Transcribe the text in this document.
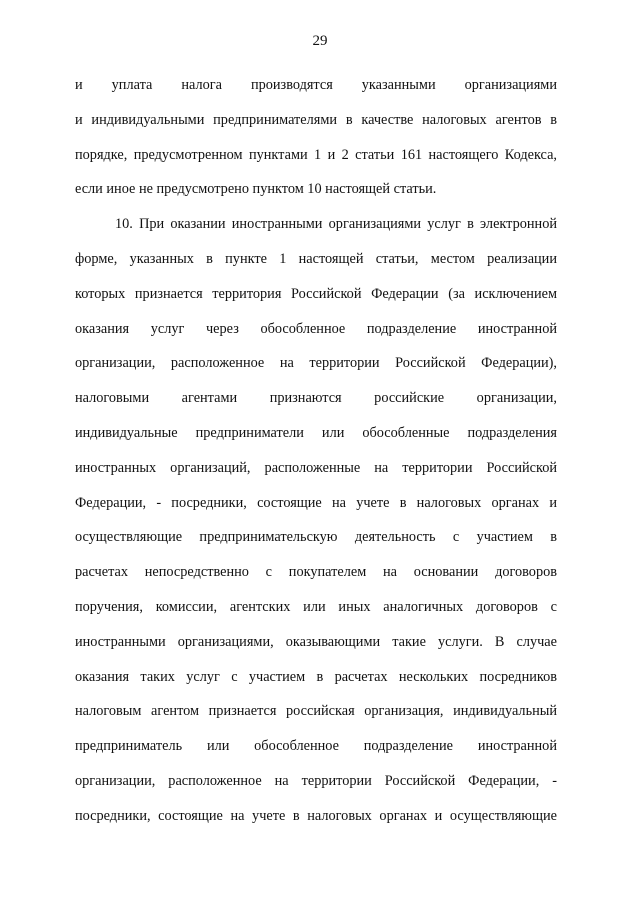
29
и уплата налога производятся указанными организациями
и индивидуальными предпринимателями в качестве налоговых агентов в
порядке, предусмотренном пунктами 1 и 2 статьи 161 настоящего Кодекса,
если иное не предусмотрено пунктом 10 настоящей статьи.
10. При оказании иностранными организациями услуг в электронной
форме, указанных в пункте 1 настоящей статьи, местом реализации
которых признается территория Российской Федерации (за исключением
оказания услуг через обособленное подразделение иностранной
организации, расположенное на территории Российской Федерации),
налоговыми агентами признаются российские организации,
индивидуальные предприниматели или обособленные подразделения
иностранных организаций, расположенные на территории Российской
Федерации, - посредники, состоящие на учете в налоговых органах и
осуществляющие предпринимательскую деятельность с участием в
расчетах непосредственно с покупателем на основании договоров
поручения, комиссии, агентских или иных аналогичных договоров с
иностранными организациями, оказывающими такие услуги. В случае
оказания таких услуг с участием в расчетах нескольких посредников
налоговым агентом признается российская организация, индивидуальный
предприниматель или обособленное подразделение иностранной
организации, расположенное на территории Российской Федерации, -
посредники, состоящие на учете в налоговых органах и осуществляющие
